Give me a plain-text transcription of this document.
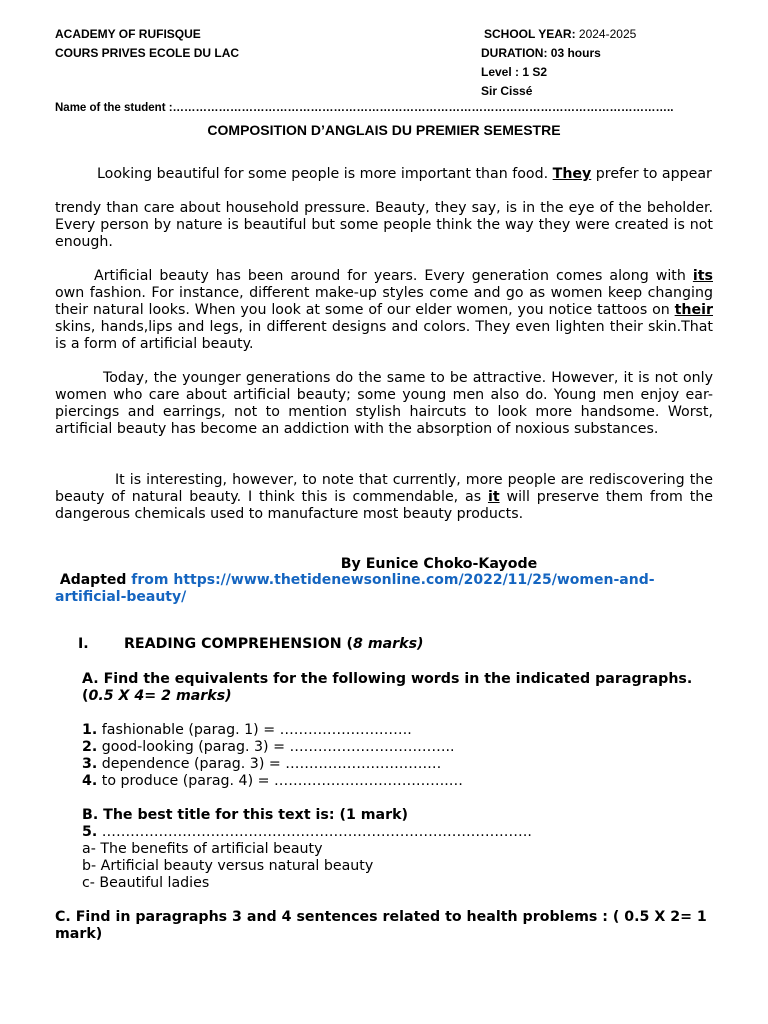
ACADEMY OF RUFISQUE
COURS PRIVES ECOLE DU LAC
SCHOOL YEAR: 2024-2025
DURATION: 03 hours
Level : 1 S2
Sir Cissé
Name of the student :…………………………………………………………………………………………………………………..
COMPOSITION D’ANGLAIS DU PREMIER SEMESTRE

Looking beautiful for some people is more important than food. They prefer to appear

trendy than care about household pressure. Beauty, they say, is in the eye of the beholder. Every person by nature is beautiful but some people think the way they were created is not enough.

Artificial beauty has been around for years. Every generation comes along with its own fashion. For instance, different make-up styles come and go as women keep changing their natural looks. When you look at some of our elder women, you notice tattoos on their skins, hands,lips and legs, in different designs and colors. They even lighten their skin.That is a form of artificial beauty.

Today, the younger generations do the same to be attractive. However, it is not only women who care about artificial beauty; some young men also do. Young men enjoy ear-piercings and earrings, not to mention stylish haircuts to look more handsome. Worst, artificial beauty has become an addiction with the absorption of noxious substances.

It is interesting, however, to note that currently, more people are rediscovering the beauty of natural beauty. I think this is commendable, as it will preserve them from the dangerous chemicals used to manufacture most beauty products.

By Eunice Choko-Kayode
Adapted from https://www.thetidenewsonline.com/2022/11/25/women-and-artificial-beauty/
I. READING COMPREHENSION (8 marks)
A. Find the equivalents for the following words in the indicated paragraphs. (0.5 X 4= 2 marks)
1. fashionable (parag. 1) = ……………………….
2. good-looking (parag. 3) = ……………………………..
3. dependence (parag. 3) = ……………………………
4. to produce (parag. 4) = ……………………………….…
B. The best title for this text is: (1 mark)
5. ……………………………………………………………………………….
a- The benefits of artificial beauty
b- Artificial beauty versus natural beauty
c- Beautiful ladies
C. Find in paragraphs 3 and 4 sentences related to health problems : ( 0.5 X 2= 1 mark)
